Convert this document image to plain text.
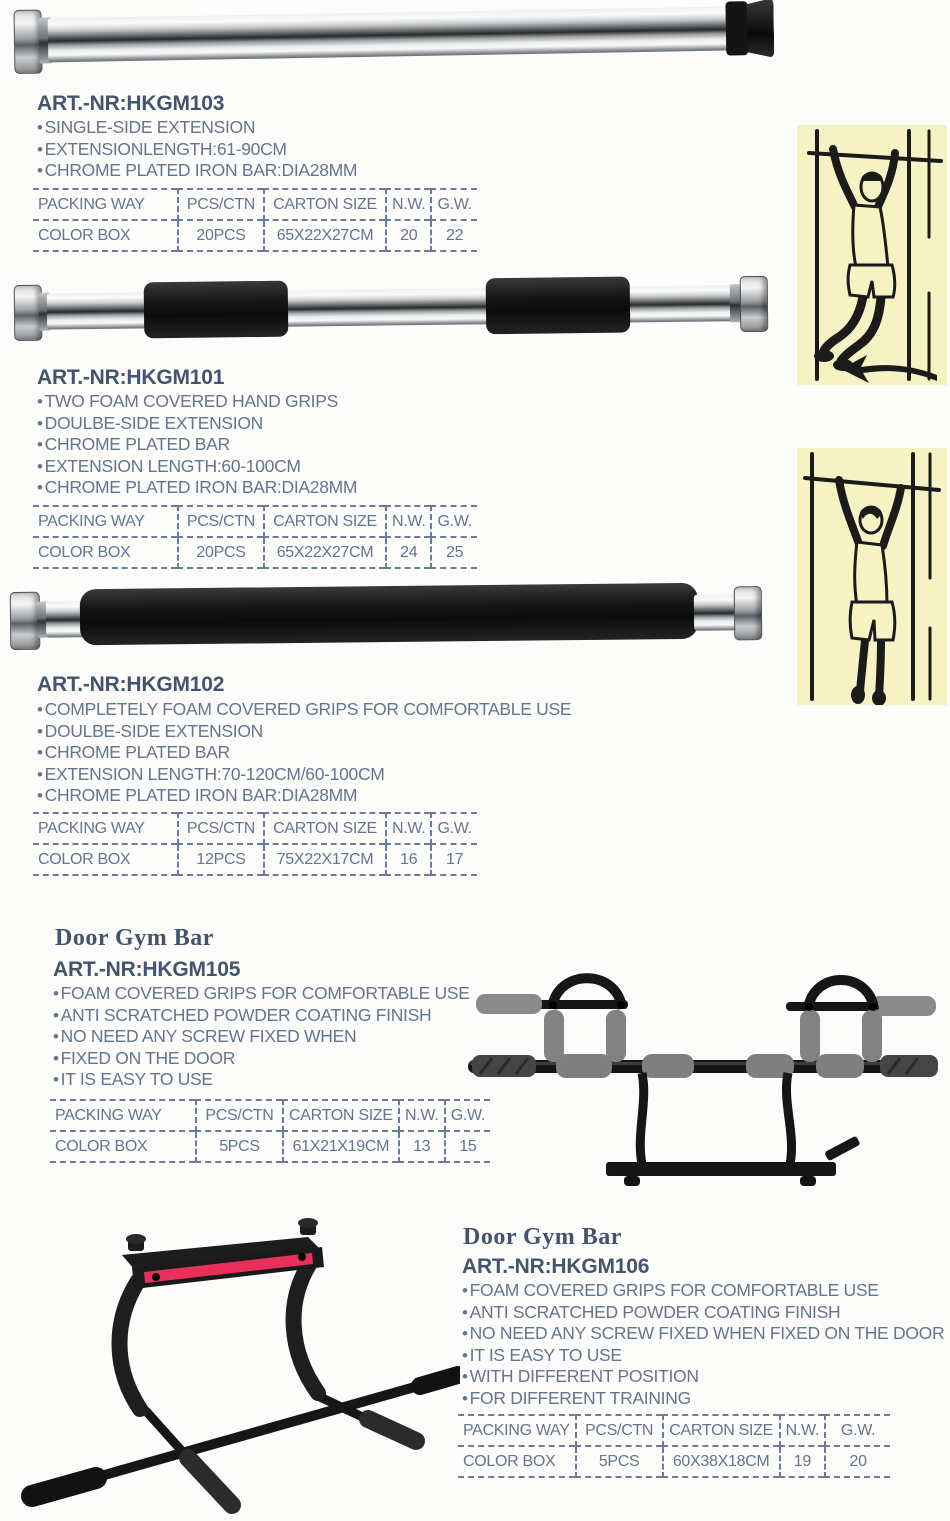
ART.-NR:HKGM103
• SINGLE-SIDE EXTENSION
• EXTENSIONLENGTH:61-90CM
• CHROME PLATED IRON BAR:DIA28MM
PACKING WAY	PCS/CTN	CARTON SIZE	N.W.	G.W.
COLOR BOX	20PCS	65X22X27CM	20	22
ART.-NR:HKGM101
• TWO FOAM COVERED HAND GRIPS
• DOULBE-SIDE EXTENSION
• CHROME PLATED BAR
• EXTENSION LENGTH:60-100CM
• CHROME PLATED IRON BAR:DIA28MM
PACKING WAY	PCS/CTN	CARTON SIZE	N.W.	G.W.
COLOR BOX	20PCS	65X22X27CM	24	25
ART.-NR:HKGM102
• COMPLETELY FOAM COVERED GRIPS FOR COMFORTABLE USE
• DOULBE-SIDE EXTENSION
• CHROME PLATED BAR
• EXTENSION LENGTH:70-120CM/60-100CM
• CHROME PLATED IRON BAR:DIA28MM
PACKING WAY	PCS/CTN	CARTON SIZE	N.W.	G.W.
COLOR BOX	12PCS	75X22X17CM	16	17
Door Gym Bar
ART.-NR:HKGM105
• FOAM COVERED GRIPS FOR COMFORTABLE USE
• ANTI SCRATCHED POWDER COATING FINISH
• NO NEED ANY SCREW FIXED WHEN
• FIXED ON THE DOOR
• IT IS EASY TO USE
PACKING WAY	PCS/CTN	CARTON SIZE	N.W.	G.W.
COLOR BOX	5PCS	61X21X19CM	13	15
Door Gym Bar
ART.-NR:HKGM106
• FOAM COVERED GRIPS FOR COMFORTABLE USE
• ANTI SCRATCHED POWDER COATING FINISH
• NO NEED ANY SCREW FIXED WHEN FIXED ON THE DOOR
• IT IS EASY TO USE
• WITH DIFFERENT POSITION
• FOR DIFFERENT TRAINING
PACKING WAY	PCS/CTN	CARTON SIZE	N.W.	G.W.
COLOR BOX	5PCS	60X38X18CM	19	20
